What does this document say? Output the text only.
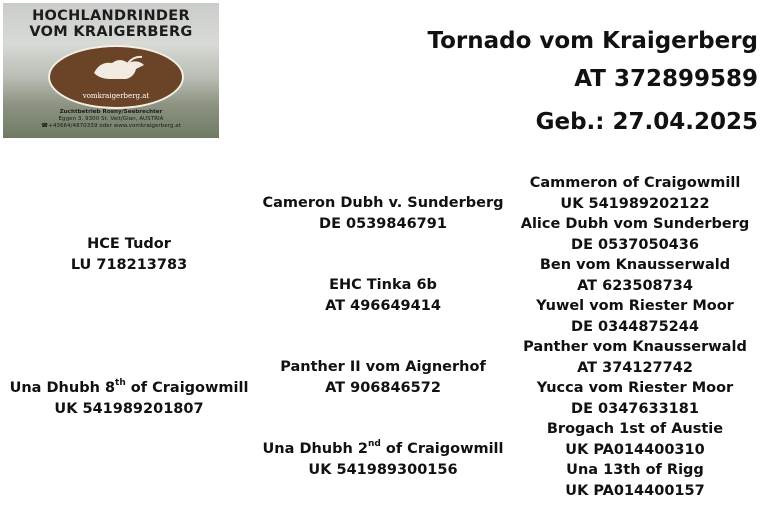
HOCHLANDRINDER
VOM KRAIGERBERG
vomkraigerberg.at
Zuchtbetrieb Rosny/Seebrechter
Eggen 3, 9300 St. Veit/Glan, AUSTRIA
☎+43664/4870339 oder www.vomkraigerberg.at
Tornado vom Kraigerberg
AT 372899589
Geb.: 27.04.2025
HCE Tudor
LU 718213783
Una Dhubh 8th of Craigowmill
UK 541989201807
Cameron Dubh v. Sunderberg
DE 0539846791
EHC Tinka 6b
AT 496649414
Panther II vom Aignerhof
AT 906846572
Una Dhubh 2nd of Craigowmill
UK 541989300156
Cammeron of Craigowmill
UK 541989202122
Alice Dubh vom Sunderberg
DE 0537050436
Ben vom Knausserwald
AT 623508734
Yuwel vom Riester Moor
DE 0344875244
Panther vom Knausserwald
AT 374127742
Yucca vom Riester Moor
DE 0347633181
Brogach 1st of Austie
UK PA014400310
Una 13th of Rigg
UK PA014400157
